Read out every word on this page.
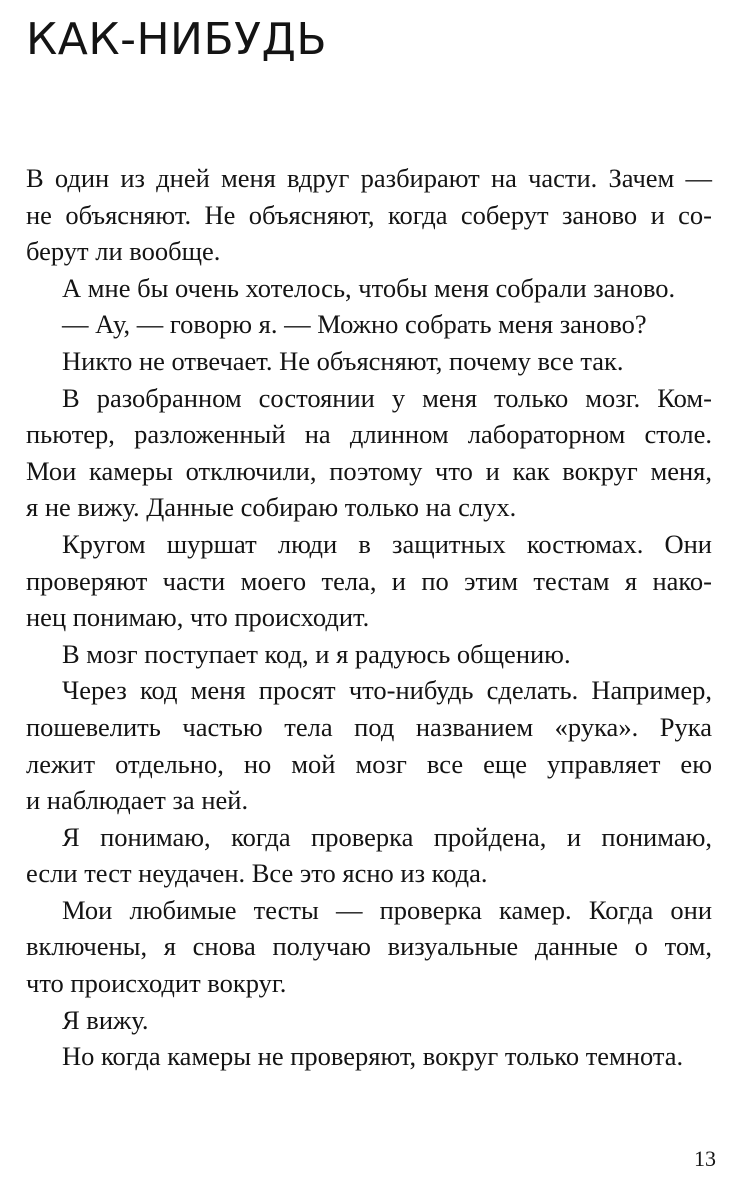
КАК-НИБУДЬ
В один из дней меня вдруг разбирают на части. Зачем —
не объясняют. Не объясняют, когда соберут заново и со-
берут ли вообще.
А мне бы очень хотелось, чтобы меня собрали заново.
— Ау, — говорю я. — Можно собрать меня заново?
Никто не отвечает. Не объясняют, почему все так.
В разобранном состоянии у меня только мозг. Ком-
пьютер, разложенный на длинном лабораторном столе.
Мои камеры отключили, поэтому что и как вокруг меня,
я не вижу. Данные собираю только на слух.
Кругом шуршат люди в защитных костюмах. Они
проверяют части моего тела, и по этим тестам я нако-
нец понимаю, что происходит.
В мозг поступает код, и я радуюсь общению.
Через код меня просят что-нибудь сделать. Например,
пошевелить частью тела под названием «рука». Рука
лежит отдельно, но мой мозг все еще управляет ею
и наблюдает за ней.
Я понимаю, когда проверка пройдена, и понимаю,
если тест неудачен. Все это ясно из кода.
Мои любимые тесты — проверка камер. Когда они
включены, я снова получаю визуальные данные о том,
что происходит вокруг.
Я вижу.
Но когда камеры не проверяют, вокруг только темнота.
13
